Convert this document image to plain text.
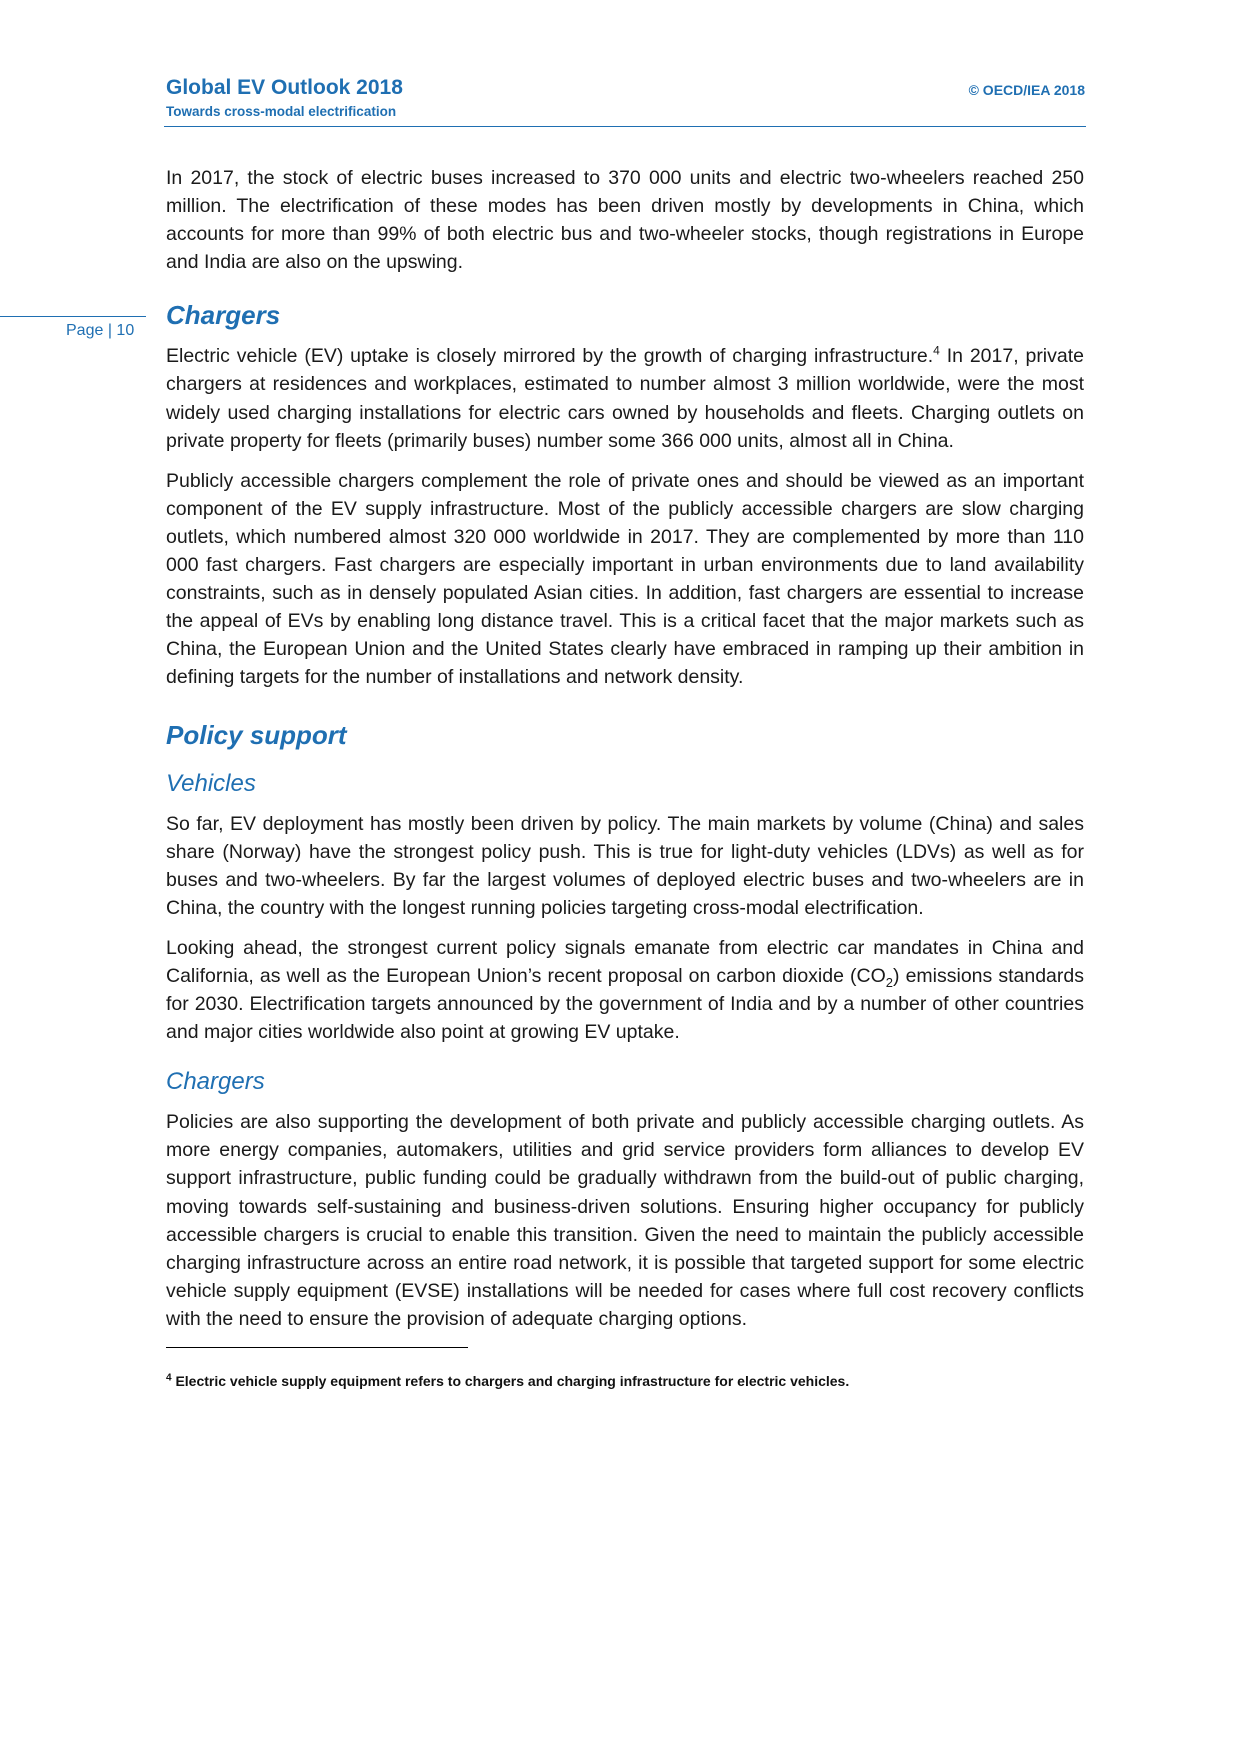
Global EV Outlook 2018
Towards cross-modal electrification
© OECD/IEA 2018
Page | 10

In 2017, the stock of electric buses increased to 370 000 units and electric two-wheelers reached 250 million. The electrification of these modes has been driven mostly by developments in China, which accounts for more than 99% of both electric bus and two-wheeler stocks, though registrations in Europe and India are also on the upswing.

Chargers

Electric vehicle (EV) uptake is closely mirrored by the growth of charging infrastructure.$^4$ In 2017, private chargers at residences and workplaces, estimated to number almost 3 million worldwide, were the most widely used charging installations for electric cars owned by households and fleets. Charging outlets on private property for fleets (primarily buses) number some 366 000 units, almost all in China.

Publicly accessible chargers complement the role of private ones and should be viewed as an important component of the EV supply infrastructure. Most of the publicly accessible chargers are slow charging outlets, which numbered almost 320 000 worldwide in 2017. They are complemented by more than 110 000 fast chargers. Fast chargers are especially important in urban environments due to land availability constraints, such as in densely populated Asian cities. In addition, fast chargers are essential to increase the appeal of EVs by enabling long distance travel. This is a critical facet that the major markets such as China, the European Union and the United States clearly have embraced in ramping up their ambition in defining targets for the number of installations and network density.

Policy support
Vehicles

So far, EV deployment has mostly been driven by policy. The main markets by volume (China) and sales share (Norway) have the strongest policy push. This is true for light-duty vehicles (LDVs) as well as for buses and two-wheelers. By far the largest volumes of deployed electric buses and two-wheelers are in China, the country with the longest running policies targeting cross-modal electrification.

Looking ahead, the strongest current policy signals emanate from electric car mandates in China and California, as well as the European Union’s recent proposal on carbon dioxide $(CO_2)$ emissions standards for 2030. Electrification targets announced by the government of India and by a number of other countries and major cities worldwide also point at growing EV uptake.

Chargers

Policies are also supporting the development of both private and publicly accessible charging outlets. As more energy companies, automakers, utilities and grid service providers form alliances to develop EV support infrastructure, public funding could be gradually withdrawn from the build-out of public charging, moving towards self-sustaining and business-driven solutions. Ensuring higher occupancy for publicly accessible chargers is crucial to enable this transition. Given the need to maintain the publicly accessible charging infrastructure across an entire road network, it is possible that targeted support for some electric vehicle supply equipment (EVSE) installations will be needed for cases where full cost recovery conflicts with the need to ensure the provision of adequate charging options.

$^4$ Electric vehicle supply equipment refers to chargers and charging infrastructure for electric vehicles.
